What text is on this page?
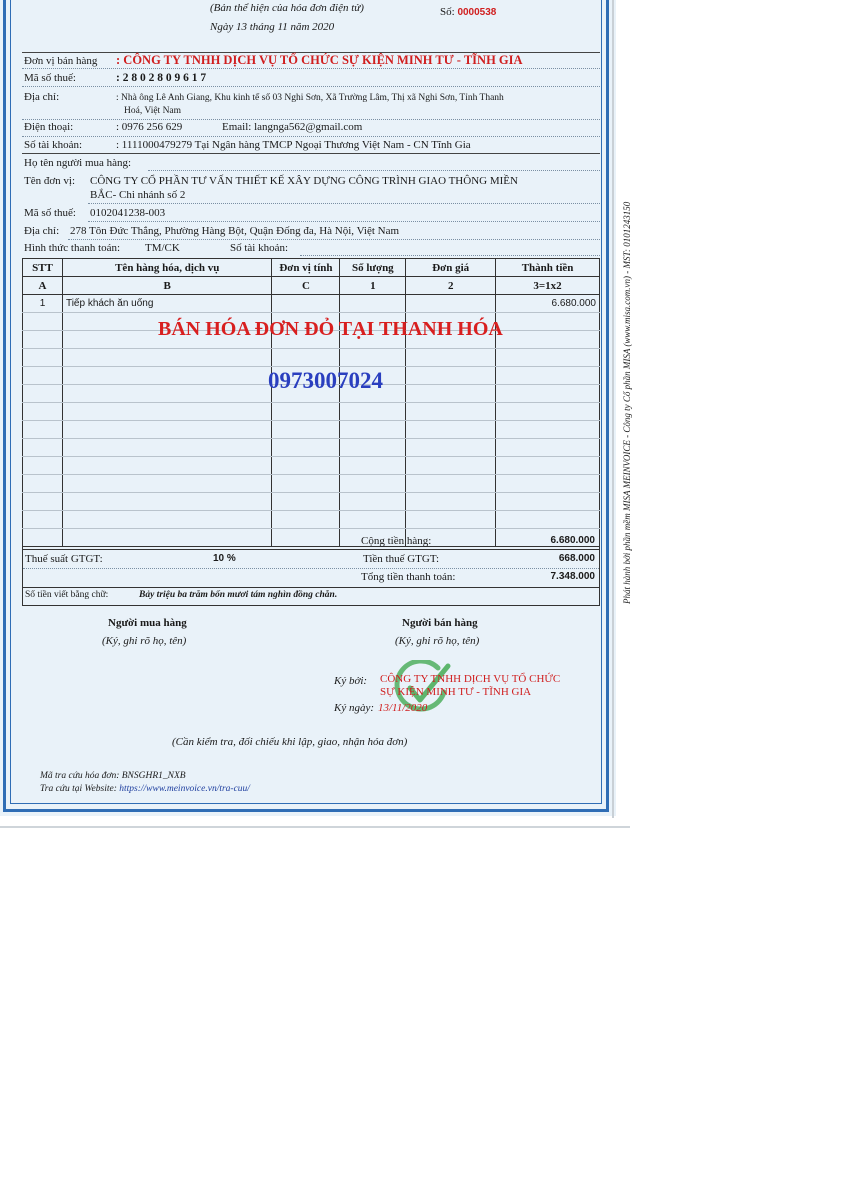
(Bản thể hiện của hóa đơn điện tử)
Ngày 13 tháng 11 năm 2020
Số: 0000538
Đơn vị bán hàng : CÔNG TY TNHH DỊCH VỤ TỔ CHỨC SỰ KIỆN MINH TƯ - TĨNH GIA
Mã số thuế:	: 2 8 0 2 8 0 9 6 1 7
Địa chỉ:	: Nhà ông Lê Anh Giang, Khu kinh tế số 03 Nghi Sơn, Xã Trường Lâm, Thị xã Nghi Sơn, Tỉnh Thanh
Hoá, Việt Nam
Điện thoại:	: 0976 256 629	Email: langnga562@gmail.com
Số tài khoản:	: 1111000479279 Tại Ngân hàng TMCP Ngoại Thương Việt Nam - CN Tĩnh Gia
Họ tên người mua hàng:
Tên đơn vị: CÔNG TY CỔ PHẦN TƯ VẤN THIẾT KẾ XÂY DỰNG CÔNG TRÌNH GIAO THÔNG MIỀN
BẮC- Chi nhánh số 2
Mã số thuế: 0102041238-003
Địa chỉ: 278 Tôn Đức Thắng, Phường Hàng Bột, Quận Đống đa, Hà Nội, Việt Nam
Hình thức thanh toán: TM/CK	Số tài khoản:
STT	Tên hàng hóa, dịch vụ	Đơn vị tính	Số lượng	Đơn giá	Thành tiền
A	B	C	1	2	3=1x2
1	Tiếp khách ăn uống				6.680.000

Cộng tiền hàng:	6.680.000
Thuế suất GTGT:	10 %	Tiền thuế GTGT:	668.000
Tổng tiền thanh toán:	7.348.000
Số tiền viết bằng chữ:	Bảy triệu ba trăm bốn mươi tám nghìn đồng chẵn.
BÁN HÓA ĐƠN ĐỎ TẠI THANH HÓA
0973007024
Người mua hàng
(Ký, ghi rõ họ, tên)
Người bán hàng
(Ký, ghi rõ họ, tên)
Ký bởi: CÔNG TY TNHH DỊCH VỤ TỔ CHỨC
SỰ KIỆN MINH TƯ - TĨNH GIA
Ký ngày: 13/11/2020
(Cần kiểm tra, đối chiếu khi lập, giao, nhận hóa đơn)
Mã tra cứu hóa đơn: BNSGHR1_NXB
Tra cứu tại Website: https://www.meinvoice.vn/tra-cuu/
Phát hành bởi phần mềm MISA MEINVOICE - Công ty Cổ phần MISA (www.misa.com.vn) - MST: 0101243150
